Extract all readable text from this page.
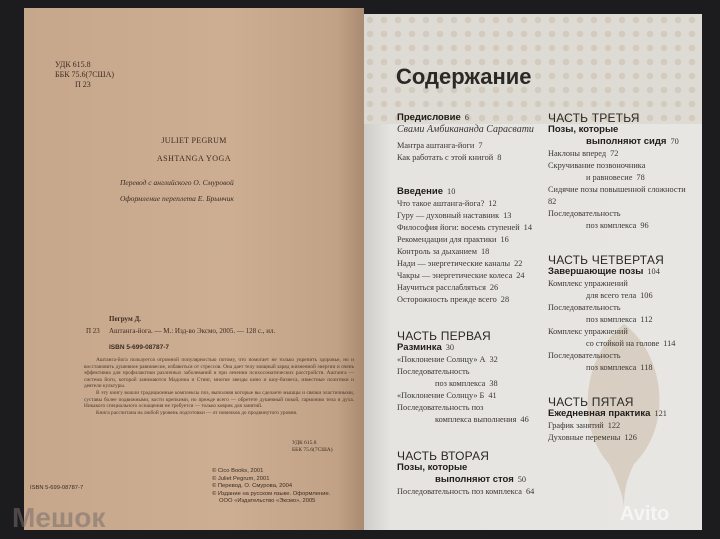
УДК 615.8
ББК 75.6(7США)
П 23
JULIET PEGRUM
ASHTANGA YOGA
Перевод с английского О. Смуровой
Оформление переплета Е. Брынчик
Пегрум Д.
П 23 Аштанга-йога. — М.: Изд-во Эксмо, 2005. — 128 с., ил.
ISBN 5-699-08787-7

Аштанга-йога пользуется огромной популярностью потому, что помогает не только укрепить здоровье, но и восстановить душевное равновесие, избавиться от стрессов. Она дает телу мощный заряд жизненной энергии и очень эффективна для профилактики различных заболеваний и при лечении психосоматических расстройств. Аштанга — система йоги, которой занимаются Мадонна и Стинг, многие звезды кино и шоу-бизнеса, известные политики и деятели культуры.

В эту книгу вошли традиционные комплексы поз, выполняя которые вы сделаете мышцы и связки эластичными, суставы более подвижными, кости крепкими, но прежде всего — обретете душевный покой, гармонию тела и духа. Никакого специального оснащения не требуется — только коврик для занятий.

Книга рассчитана на любой уровень подготовки — от новичков до продвинутого уровня.

УДК 615.8
ББК 75.6(7США)
© Cico Books, 2001
© Juliet Pegrum, 2001
© Перевод. О. Смурова, 2004
© Издание на русском языке. Оформление.
ООО «Издательство «Эксмо», 2005
ISBN 5-699-08787-7
Содержание
Предисловие 6
Свами Амбикананда Сарасвати
Мантра аштанга-йоги 7
Как работать с этой книгой 8
Введение 10
Что такое аштанга-йога? 12
Гуру — духовный наставник 13
Философия йоги: восемь ступеней 14
Рекомендации для практики 16
Контроль за дыханием 18
Нади — энергетические каналы 22
Чакры — энергетические колеса 24
Научиться расслабляться 26
Осторожность прежде всего 28
ЧАСТЬ ПЕРВАЯ
Разминка 30
«Поклонение Солнцу» А 32
Последовательность
поз комплекса 38
«Поклонение Солнцу» Б 41
Последовательность поз
комплекса выполнения 46
ЧАСТЬ ВТОРАЯ
Позы, которые
выполняют стоя 50
Последовательность поз комплекса 64
ЧАСТЬ ТРЕТЬЯ
Позы, которые
выполняют сидя 70
Наклоны вперед 72
Скручивание позвоночника
и равновесие 78
Сидячие позы повышенной сложности
82
Последовательность
поз комплекса 96
ЧАСТЬ ЧЕТВЕРТАЯ
Завершающие позы 104
Комплекс упражнений
для всего тела 106
Последовательность
поз комплекса 112
Комплекс упражнений
со стойкой на голове 114
Последовательность
поз комплекса 118
ЧАСТЬ ПЯТАЯ
Ежедневная практика 121
График занятий 122
Духовные перемены 126
Мешок	Avito
